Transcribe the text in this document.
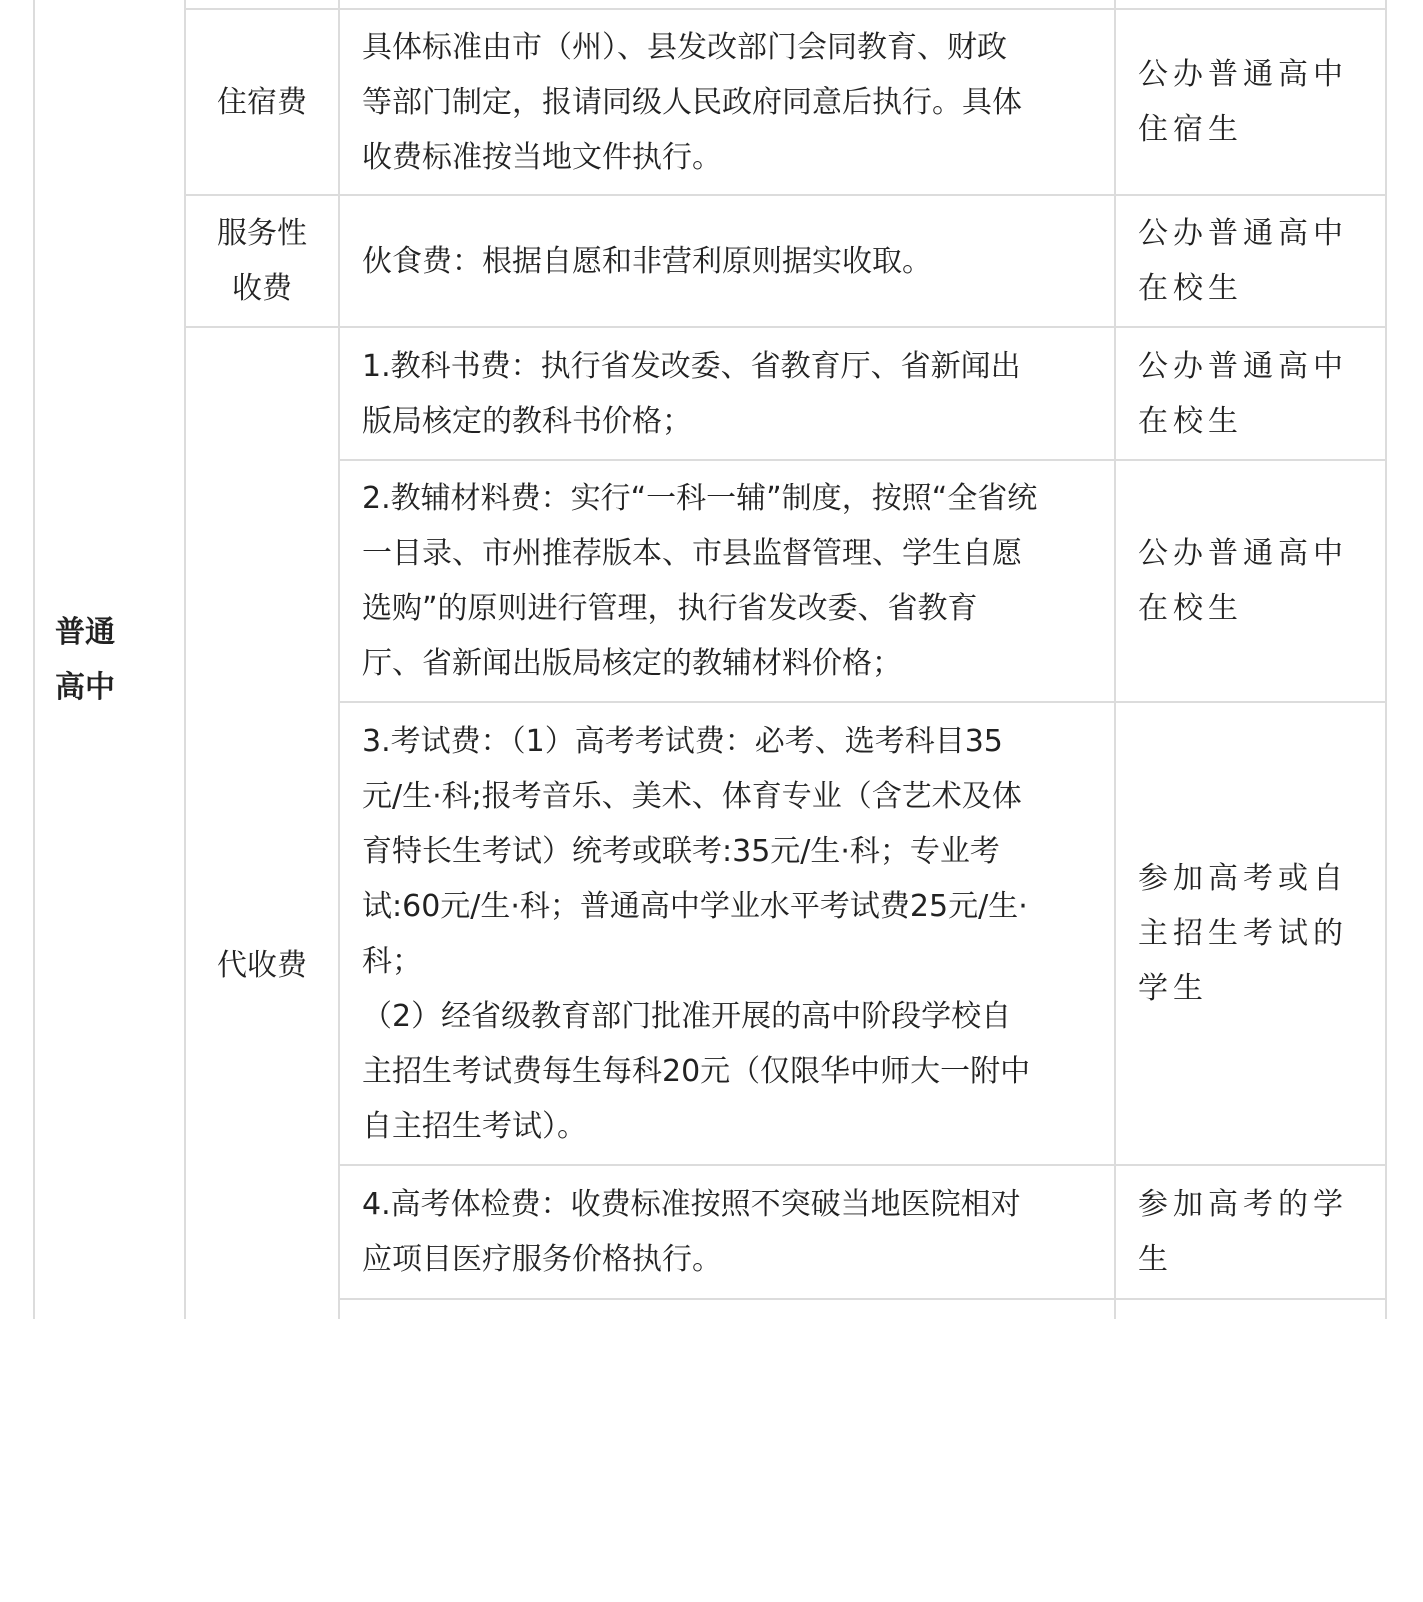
普通
高中
住宿费
具体标准由市（州）、县发改部门会同教育、财政
等部门制定，报请同级人民政府同意后执行。具体
收费标准按当地文件执行。
公办普通高中
住宿生
服务性
收费
伙食费：根据自愿和非营利原则据实收取。
公办普通高中
在校生
代收费
1.教科书费：执行省发改委、省教育厅、省新闻出
版局核定的教科书价格；
公办普通高中
在校生
2.教辅材料费：实行“一科一辅”制度，按照“全省统
一目录、市州推荐版本、市县监督管理、学生自愿
选购”的原则进行管理，执行省发改委、省教育
厅、省新闻出版局核定的教辅材料价格；
公办普通高中
在校生
3.考试费：（1）高考考试费：必考、选考科目35
元/生·科;报考音乐、美术、体育专业（含艺术及体
育特长生考试）统考或联考:35元/生·科；专业考
试:60元/生·科；普通高中学业水平考试费25元/生·
科；
（2）经省级教育部门批准开展的高中阶段学校自
主招生考试费每生每科20元（仅限华中师大一附中
自主招生考试）。
参加高考或自
主招生考试的
学生
4.高考体检费：收费标准按照不突破当地医院相对
应项目医疗服务价格执行。
参加高考的学
生
